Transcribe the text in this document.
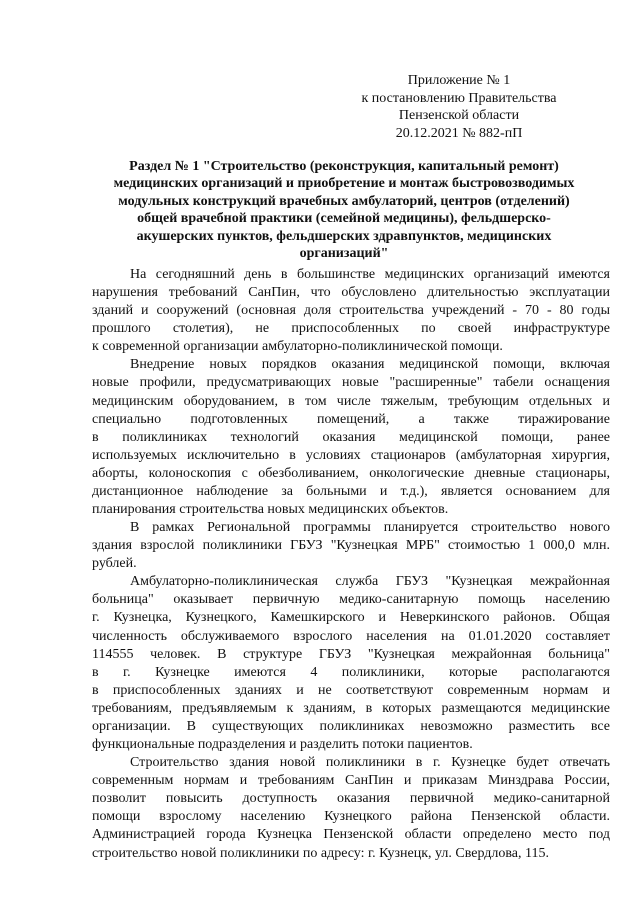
Приложение № 1
к постановлению Правительства
Пензенской области
20.12.2021 № 882-пП
Раздел № 1 "Строительство (реконструкция, капитальный ремонт)
медицинских организаций и приобретение и монтаж быстровозводимых
модульных конструкций врачебных амбулаторий, центров (отделений)
общей врачебной практики (семейной медицины), фельдшерско-
акушерских пунктов, фельдшерских здравпунктов, медицинских
организаций"

На сегодняшний день в большинстве медицинских организаций имеются
нарушения требований СанПин, что обусловлено длительностью эксплуатации
зданий и сооружений (основная доля строительства учреждений - 70 - 80 годы
прошлого столетия), не приспособленных по своей инфраструктуре
к современной организации амбулаторно-поликлинической помощи.

Внедрение новых порядков оказания медицинской помощи, включая
новые профили, предусматривающих новые "расширенные" табели оснащения
медицинским оборудованием, в том числе тяжелым, требующим отдельных и
специально подготовленных помещений, а также тиражирование
в поликлиниках технологий оказания медицинской помощи, ранее
используемых исключительно в условиях стационаров (амбулаторная хирургия,
аборты, колоноскопия с обезболиванием, онкологические дневные стационары,
дистанционное наблюдение за больными и т.д.), является основанием для
планирования строительства новых медицинских объектов.

В рамках Региональной программы планируется строительство нового
здания взрослой поликлиники ГБУЗ "Кузнецкая МРБ" стоимостью 1 000,0 млн.
рублей.

Амбулаторно-поликлиническая служба ГБУЗ "Кузнецкая межрайонная
больница" оказывает первичную медико-санитарную помощь населению
г. Кузнецка, Кузнецкого, Камешкирского и Неверкинского районов. Общая
численность обслуживаемого взрослого населения на 01.01.2020 составляет
114555 человек. В структуре ГБУЗ "Кузнецкая межрайонная больница"
в г. Кузнецке имеются 4 поликлиники, которые располагаются
в приспособленных зданиях и не соответствуют современным нормам и
требованиям, предъявляемым к зданиям, в которых размещаются медицинские
организации. В существующих поликлиниках невозможно разместить все
функциональные подразделения и разделить потоки пациентов.

Строительство здания новой поликлиники в г. Кузнецке будет отвечать
современным нормам и требованиям СанПин и приказам Минздрава России,
позволит повысить доступность оказания первичной медико-санитарной
помощи взрослому населению Кузнецкого района Пензенской области.
Администрацией города Кузнецка Пензенской области определено место под
строительство новой поликлиники по адресу: г. Кузнецк, ул. Свердлова, 115.
